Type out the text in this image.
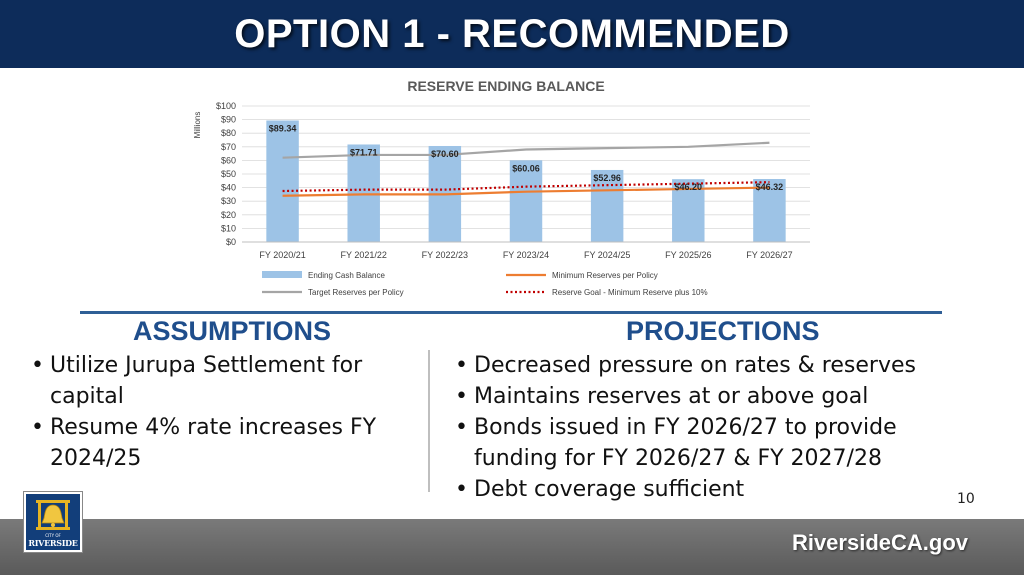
OPTION 1 - RECOMMENDED
RESERVE ENDING BALANCE
Millions	$89.34
$71.71	$70.60
$60.06
$52.96
$46.20	$46.32
$0
$10
$20
$30
$40
$50
$60
$70
$80
$90
$100
FY 2020/21	FY 2021/22	FY 2022/23	FY 2023/24	FY 2024/25	FY 2025/26	FY 2026/27
Ending Cash Balance	Minimum Reserves per Policy
Target Reserves per Policy	Reserve Goal - Minimum Reserve plus 10%
ASSUMPTIONS	PROJECTIONS
• Utilize Jurupa Settlement for capital
• Resume 4% rate increases FY 2024/25
• Decreased pressure on rates & reserves
• Maintains reserves at or above goal
• Bonds issued in FY 2026/27 to provide funding for FY 2026/27 & FY 2027/28
• Debt coverage sufficient	10
RiversideCA.gov
CITY OF
RIVERSIDE
